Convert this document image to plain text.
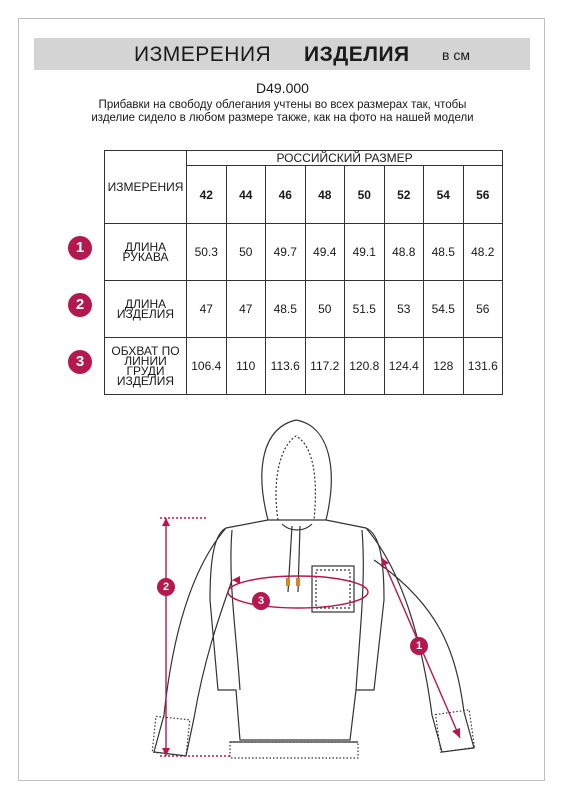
ИЗМЕРЕНИЯ ИЗДЕЛИЯ в см
D49.000
Прибавки на свободу облегания учтены во всех размерах так, чтобы изделие сидело в любом размере также, как на фото на нашей модели
ИЗМЕРЕНИЯ	РОССИЙСКИЙ РАЗМЕР							
	42	44	46	48	50	52	54	56
ДЛИНА РУКАВА	50.3	50	49.7	49.4	49.1	48.8	48.5	48.2
ДЛИНА ИЗДЕЛИЯ	47	47	48.5	50	51.5	53	54.5	56
ОБХВАТ ПО ЛИНИИ ГРУДИ ИЗДЕЛИЯ	106.4	110	113.6	117.2	120.8	124.4	128	131.6
1
2
3
2
3
1
